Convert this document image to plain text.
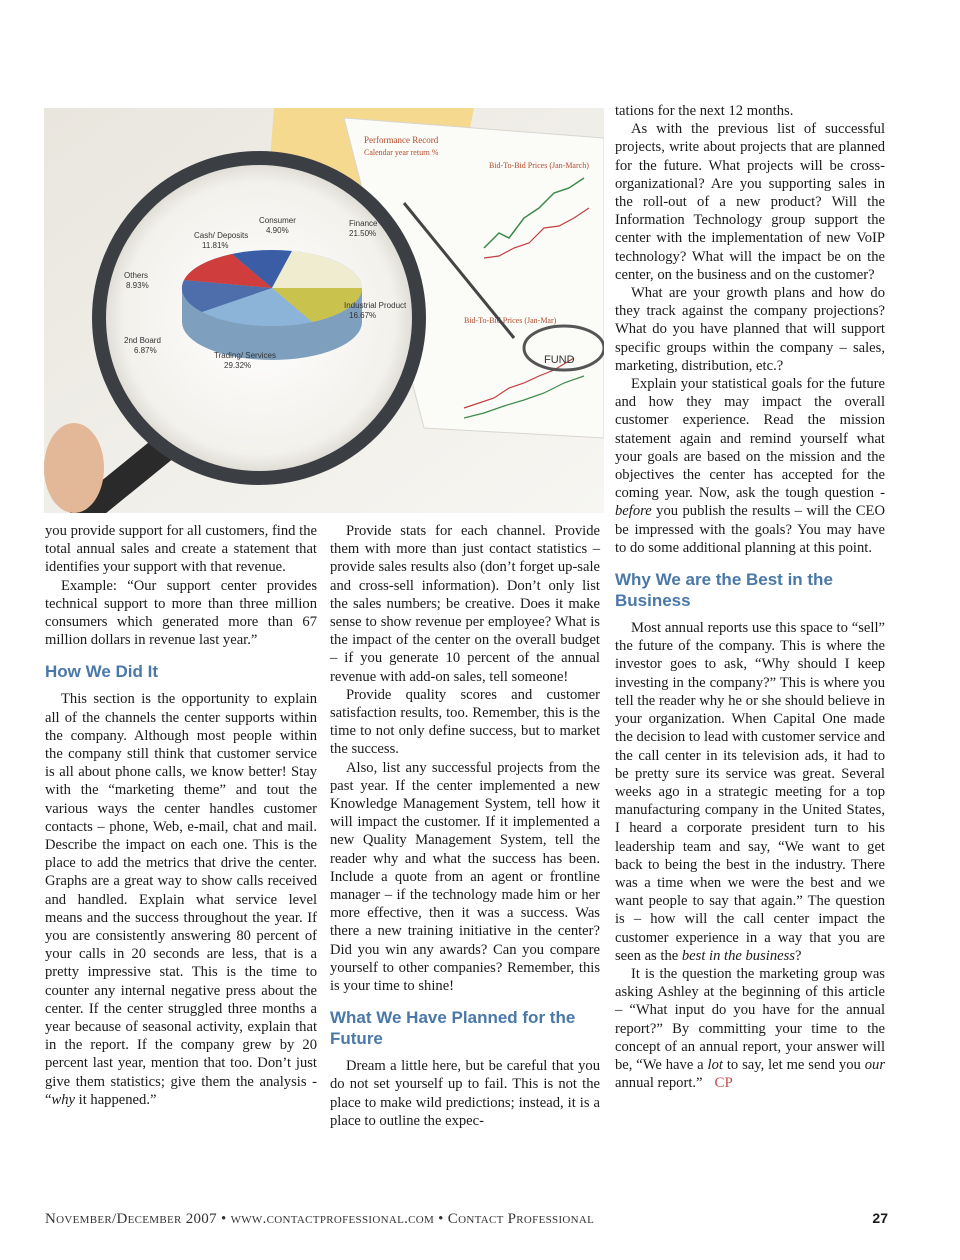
Performance Record
Calendar year return %
Bid-To-Bid Prices (Jan-March)
Bid-To-Bid Prices (Jan-Mar)
FUND
Cash/ Deposits
11.81%
Consumer
4.90%
Finance
21.50%
Others
8.93%
2nd Board
6.87%
Trading/ Services
29.32%
Industrial Product
16.67%

you provide support for all customers, find the total annual sales and create a statement that identifies your support with that revenue.

Example: “Our support center provides technical support to more than three million consumers which generated more than 67 million dollars in revenue last year.”

How We Did It

This section is the opportunity to explain all of the channels the center supports within the company. Although most people within the company still think that customer service is all about phone calls, we know better! Stay with the “marketing theme” and tout the various ways the center handles customer contacts – phone, Web, e-mail, chat and mail. Describe the impact on each one. This is the place to add the metrics that drive the center. Graphs are a great way to show calls received and handled. Explain what service level means and the success throughout the year. If you are consistently answering 80 percent of your calls in 20 seconds are less, that is a pretty impressive stat. This is the time to counter any internal negative press about the center. If the center struggled three months a year because of seasonal activity, explain that in the report. If the company grew by 20 percent last year, mention that too. Don’t just give them statistics; give them the analysis - “why it happened.”

Provide stats for each channel. Provide them with more than just contact statistics – provide sales results also (don’t forget up-sale and cross-sell information). Don’t only list the sales numbers; be creative. Does it make sense to show revenue per employee? What is the impact of the center on the overall budget – if you generate 10 percent of the annual revenue with add-on sales, tell someone!

Provide quality scores and customer satisfaction results, too. Remember, this is the time to not only define success, but to market the success.

Also, list any successful projects from the past year. If the center implemented a new Knowledge Management System, tell how it will impact the customer. If it implemented a new Quality Management System, tell the reader why and what the success has been. Include a quote from an agent or frontline manager – if the technology made him or her more effective, then it was a success. Was there a new training initiative in the center? Did you win any awards? Can you compare yourself to other companies? Remember, this is your time to shine!

What We Have Planned for the Future

Dream a little here, but be careful that you do not set yourself up to fail. This is not the place to make wild predictions; instead, it is a place to outline the expec-

tations for the next 12 months.

As with the previous list of successful projects, write about projects that are planned for the future. What projects will be cross-organizational? Are you supporting sales in the roll-out of a new product? Will the Information Technology group support the center with the implementation of new VoIP technology? What will the impact be on the center, on the business and on the customer?

What are your growth plans and how do they track against the company projections? What do you have planned that will support specific groups within the company – sales, marketing, distribution, etc.?

Explain your statistical goals for the future and how they may impact the overall customer experience. Read the mission statement again and remind yourself what your goals are based on the mission and the objectives the center has accepted for the coming year. Now, ask the tough question - before you publish the results – will the CEO be impressed with the goals? You may have to do some additional planning at this point.

Why We are the Best in the Business

Most annual reports use this space to “sell” the future of the company. This is where the investor goes to ask, “Why should I keep investing in the company?” This is where you tell the reader why he or she should believe in your organization. When Capital One made the decision to lead with customer service and the call center in its television ads, it had to be pretty sure its service was great. Several weeks ago in a strategic meeting for a top manufacturing company in the United States, I heard a corporate president turn to his leadership team and say, “We want to get back to being the best in the industry. There was a time when we were the best and we want people to say that again.” The question is – how will the call center impact the customer experience in a way that you are seen as the best in the business?

It is the question the marketing group was asking Ashley at the beginning of this article – “What input do you have for the annual report?” By committing your time to the concept of an annual report, your answer will be, “We have a lot to say, let me send you our annual report.” CP

November/December 2007 • www.contactprofessional.com • Contact Professional	27
